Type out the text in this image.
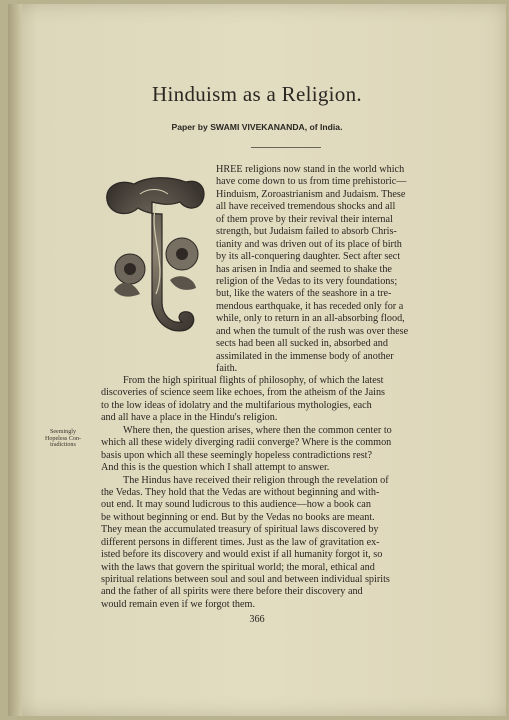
Hinduism as a Religion.
Paper by SWAMI VIVEKANANDA, of India.
HREE religions now stand in the world which
have come down to us from time prehistoric—
Hinduism, Zoroastrianism and Judaism. These
all have received tremendous shocks and all
of them prove by their revival their internal
strength, but Judaism failed to absorb Chris-
tianity and was driven out of its place of birth
by its all-conquering daughter. Sect after sect
has arisen in India and seemed to shake the
religion of the Vedas to its very foundations;
but, like the waters of the seashore in a tre-
mendous earthquake, it has receded only for a
while, only to return in an all-absorbing flood,
and when the tumult of the rush was over these
sects had been all sucked in, absorbed and
assimilated in the immense body of another
faith.
From the high spiritual flights of philosophy, of which the latest
discoveries of science seem like echoes, from the atheism of the Jains
to the low ideas of idolatry and the multifarious mythologies, each
and all have a place in the Hindu's religion.
Where then, the question arises, where then the common center to
which all these widely diverging radii converge? Where is the common
basis upon which all these seemingly hopeless contradictions rest?
And this is the question which I shall attempt to answer.
The Hindus have received their religion through the revelation of
the Vedas. They hold that the Vedas are without beginning and with-
out end. It may sound ludicrous to this audience—how a book can
be without beginning or end. But by the Vedas no books are meant.
They mean the accumulated treasury of spiritual laws discovered by
different persons in different times. Just as the law of gravitation ex-
isted before its discovery and would exist if all humanity forgot it, so
with the laws that govern the spiritual world; the moral, ethical and
spiritual relations between soul and soul and between individual spirits
and the father of all spirits were there before their discovery and
would remain even if we forgot them.
Seemingly
Hopeless Con-
tradictions
366
